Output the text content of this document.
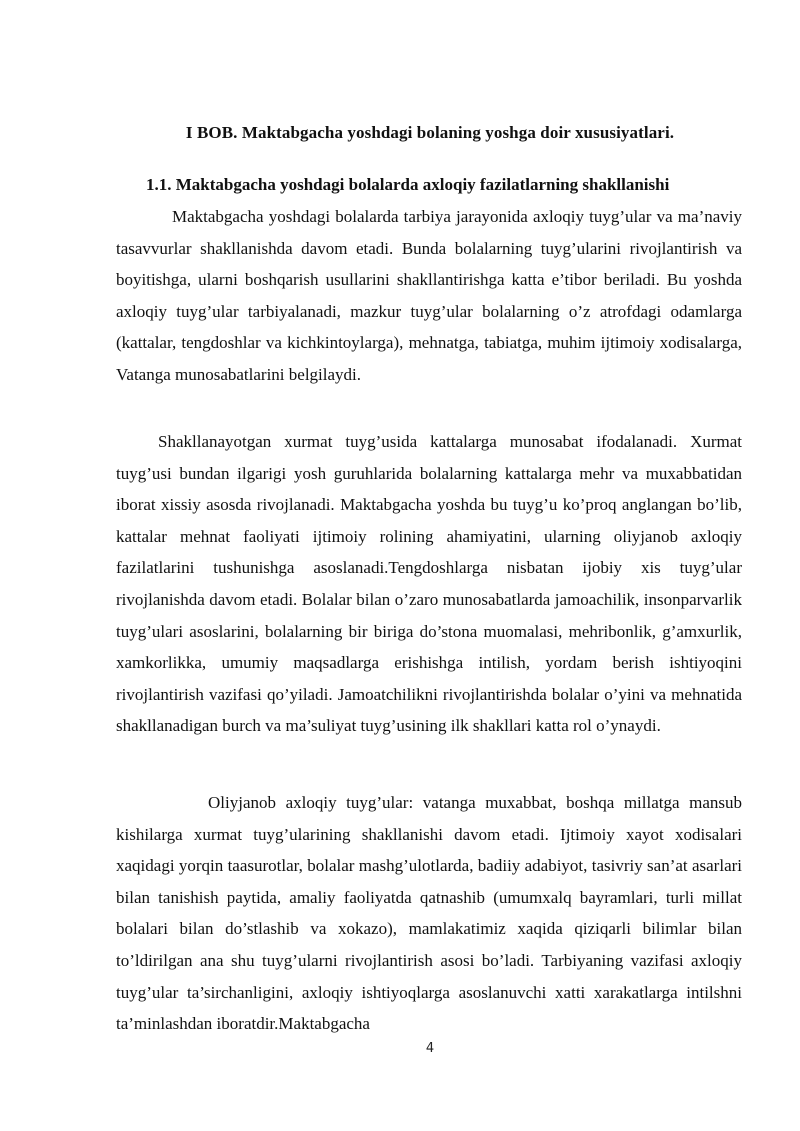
I BOB. Maktabgacha yoshdagi bolaning yoshga doir xususiyatlari.
1.1. Maktabgacha yoshdagi bolalarda axloqiy fazilatlarning shakllanishi

Maktabgacha yoshdagi bolalarda tarbiya jarayonida axloqiy tuyg’ular va ma’naviy tasavvurlar shakllanishda davom etadi. Bunda bolalarning tuyg’ularini rivojlantirish va boyitishga, ularni boshqarish usullarini shakllantirishga katta e’tibor beriladi. Bu yoshda axloqiy tuyg’ular tarbiyalanadi, mazkur tuyg’ular bolalarning o’z atrofdagi odamlarga (kattalar, tengdoshlar va kichkintoylarga), mehnatga, tabiatga, muhim ijtimoiy xodisalarga, Vatanga munosabatlarini belgilaydi.

Shakllanayotgan xurmat tuyg’usida kattalarga munosabat ifodalanadi. Xurmat tuyg’usi bundan ilgarigi yosh guruhlarida bolalarning kattalarga mehr va muxabbatidan iborat xissiy asosda rivojlanadi. Maktabgacha yoshda bu tuyg’u ko’proq anglangan bo’lib, kattalar mehnat faoliyati ijtimoiy rolining ahamiyatini, ularning oliyjanob axloqiy fazilatlarini tushunishga asoslanadi.Tengdoshlarga nisbatan ijobiy xis tuyg’ular rivojlanishda davom etadi. Bolalar bilan o’zaro munosabatlarda jamoachilik, insonparvarlik tuyg’ulari asoslarini, bolalarning bir biriga do’stona muomalasi, mehribonlik, g’amxurlik, xamkorlikka, umumiy maqsadlarga erishishga intilish, yordam berish ishtiyoqini rivojlantirish vazifasi qo’yiladi. Jamoatchilikni rivojlantirishda bolalar o’yini va mehnatida shakllanadigan burch va ma’suliyat tuyg’usining ilk shakllari katta rol o’ynaydi.

Oliyjanob axloqiy tuyg’ular: vatanga muxabbat, boshqa millatga mansub kishilarga xurmat tuyg’ularining shakllanishi davom etadi. Ijtimoiy xayot xodisalari xaqidagi yorqin taasurotlar, bolalar mashg’ulotlarda, badiiy adabiyot, tasivriy san’at asarlari bilan tanishish paytida, amaliy faoliyatda qatnashib (umumxalq bayramlari, turli millat bolalari bilan do’stlashib va xokazo), mamlakatimiz xaqida qiziqarli bilimlar bilan to’ldirilgan ana shu tuyg’ularni rivojlantirish asosi bo’ladi. Tarbiyaning vazifasi axloqiy tuyg’ular ta’sirchanligini, axloqiy ishtiyoqlarga asoslanuvchi xatti xarakatlarga intilshni ta’minlashdan iboratdir.Maktabgacha

4
